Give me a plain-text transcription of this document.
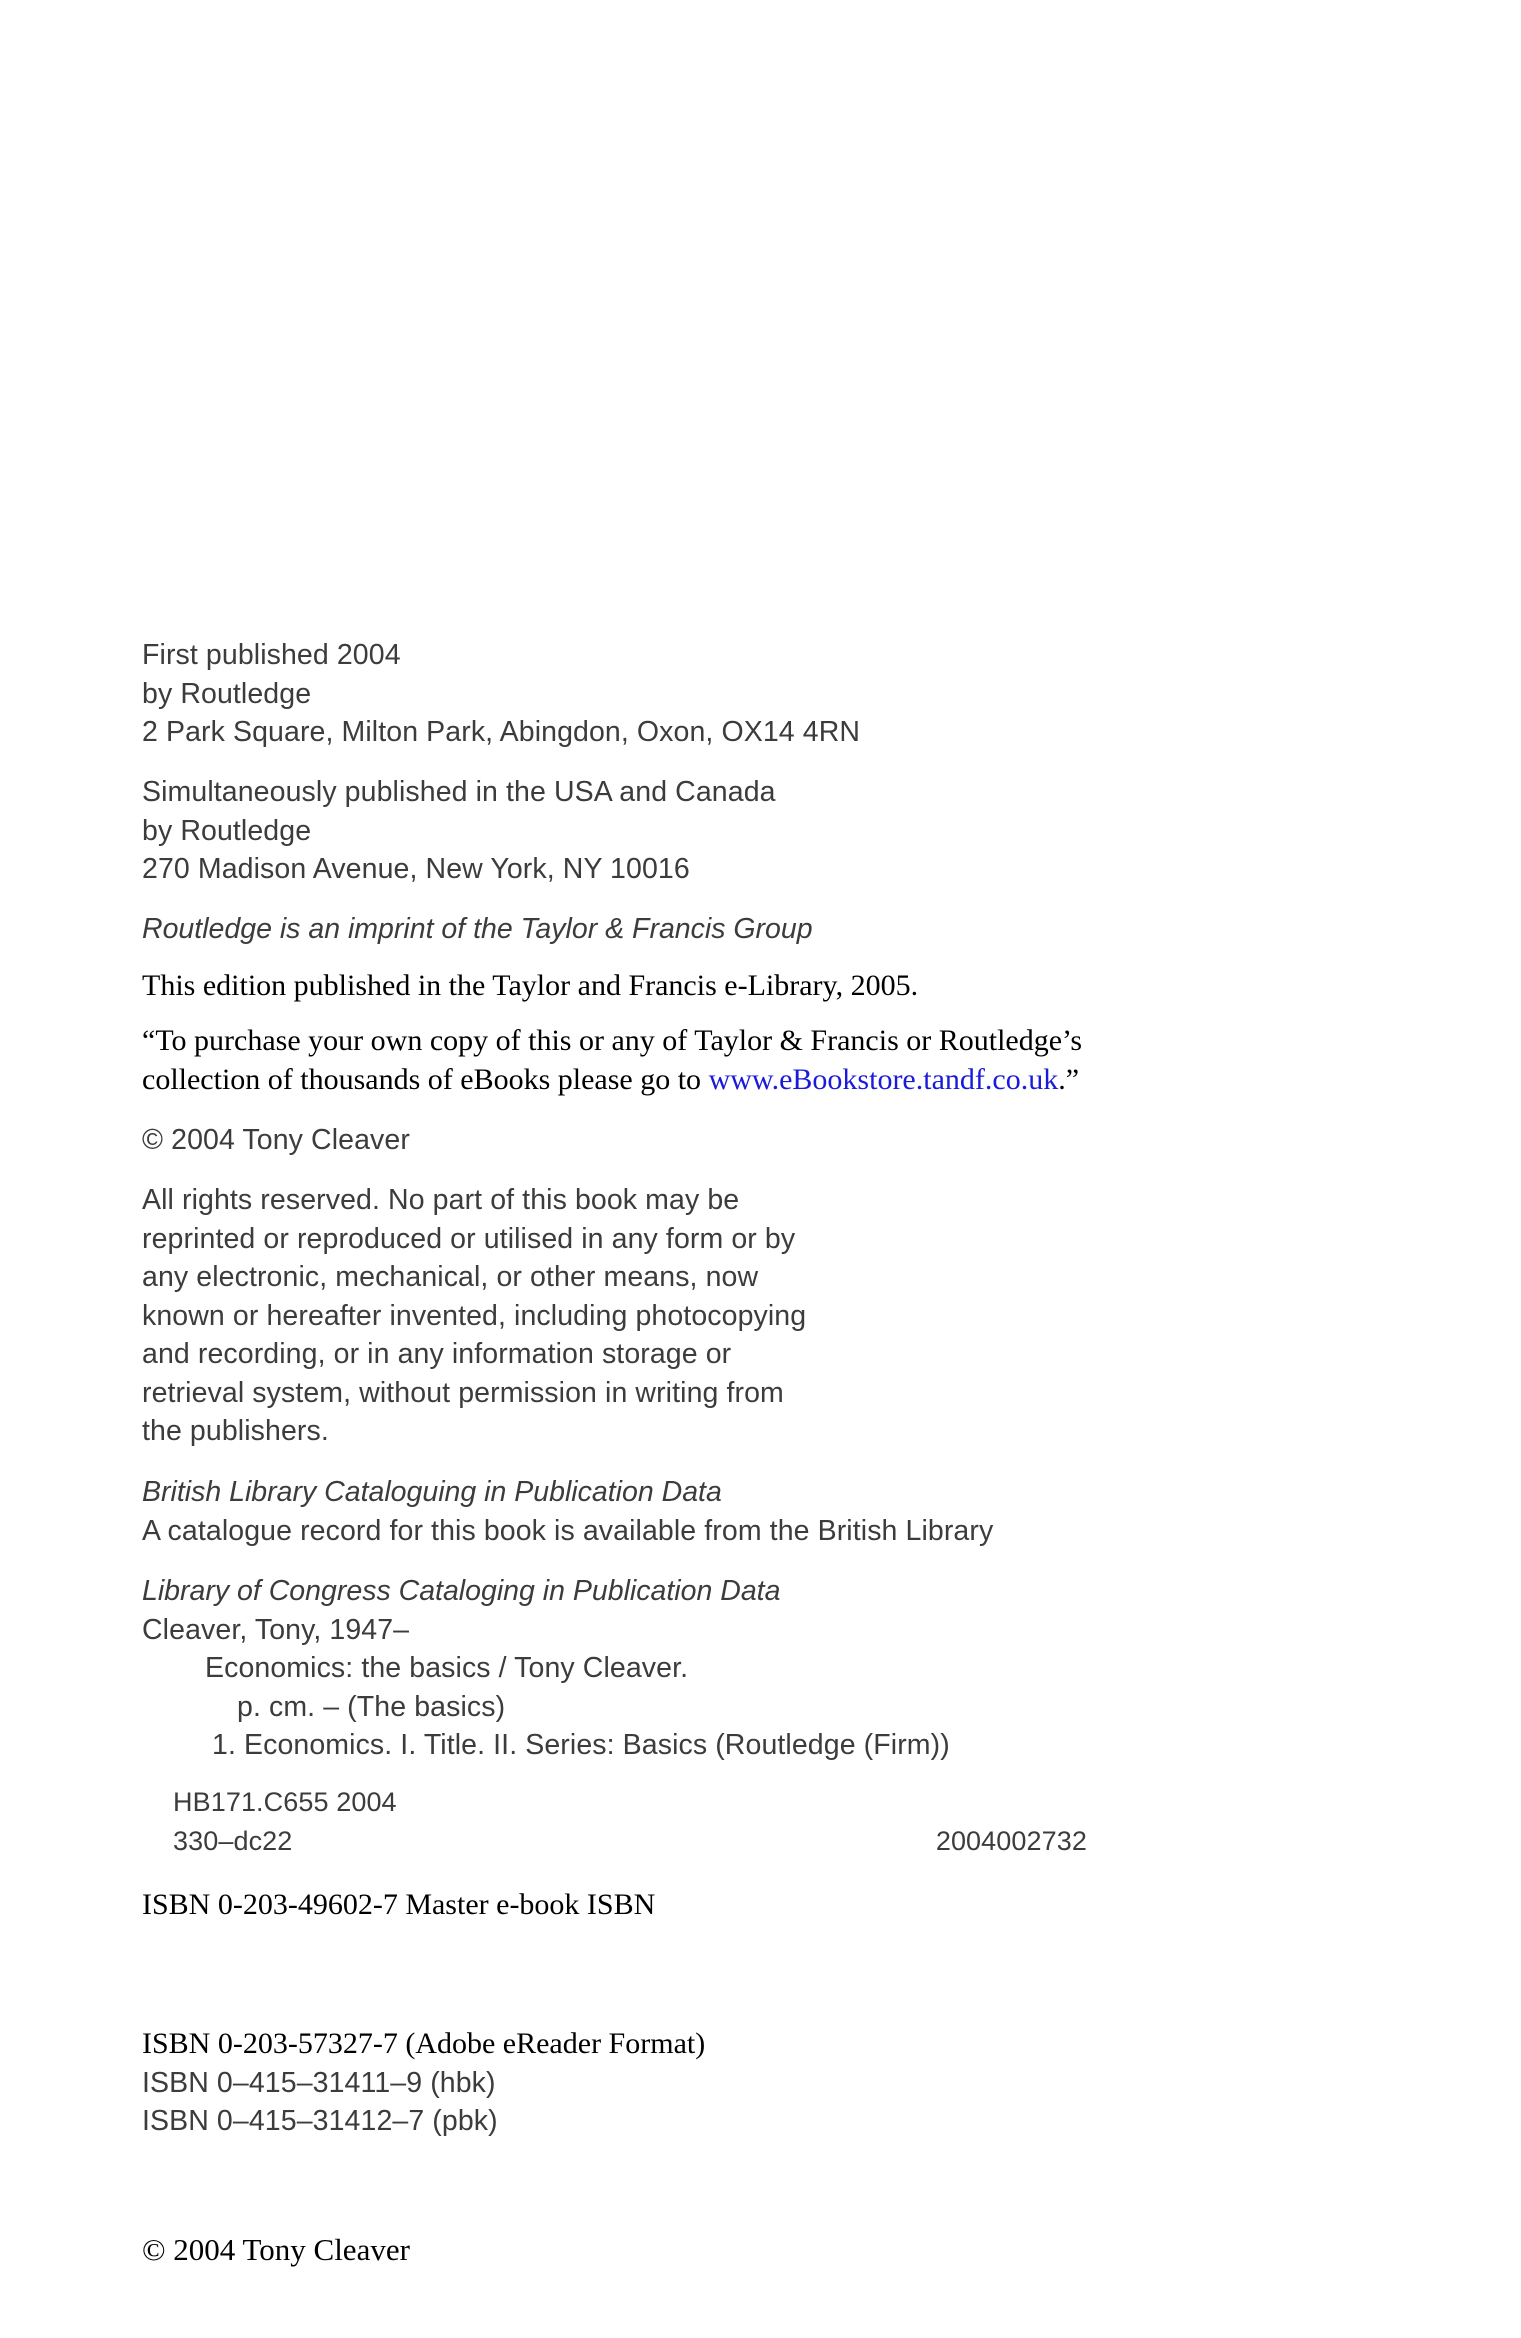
First published 2004
by Routledge
2 Park Square, Milton Park, Abingdon, Oxon, OX14 4RN
Simultaneously published in the USA and Canada
by Routledge
270 Madison Avenue, New York, NY 10016
Routledge is an imprint of the Taylor & Francis Group
This edition published in the Taylor and Francis e-Library, 2005.
“To purchase your own copy of this or any of Taylor & Francis or Routledge’s
collection of thousands of eBooks please go to www.eBookstore.tandf.co.uk.”
© 2004 Tony Cleaver
All rights reserved. No part of this book may be
reprinted or reproduced or utilised in any form or by
any electronic, mechanical, or other means, now
known or hereafter invented, including photocopying
and recording, or in any information storage or
retrieval system, without permission in writing from
the publishers.
British Library Cataloguing in Publication Data
A catalogue record for this book is available from the British Library
Library of Congress Cataloging in Publication Data
Cleaver, Tony, 1947–
Economics: the basics / Tony Cleaver.
p. cm. – (The basics)
1. Economics. I. Title. II. Series: Basics (Routledge (Firm))
HB171.C655 2004
330–dc22	2004002732
ISBN 0-203-49602-7 Master e-book ISBN
ISBN 0-203-57327-7 (Adobe eReader Format)
ISBN 0–415–31411–9 (hbk)
ISBN 0–415–31412–7 (pbk)
© 2004 Tony Cleaver
